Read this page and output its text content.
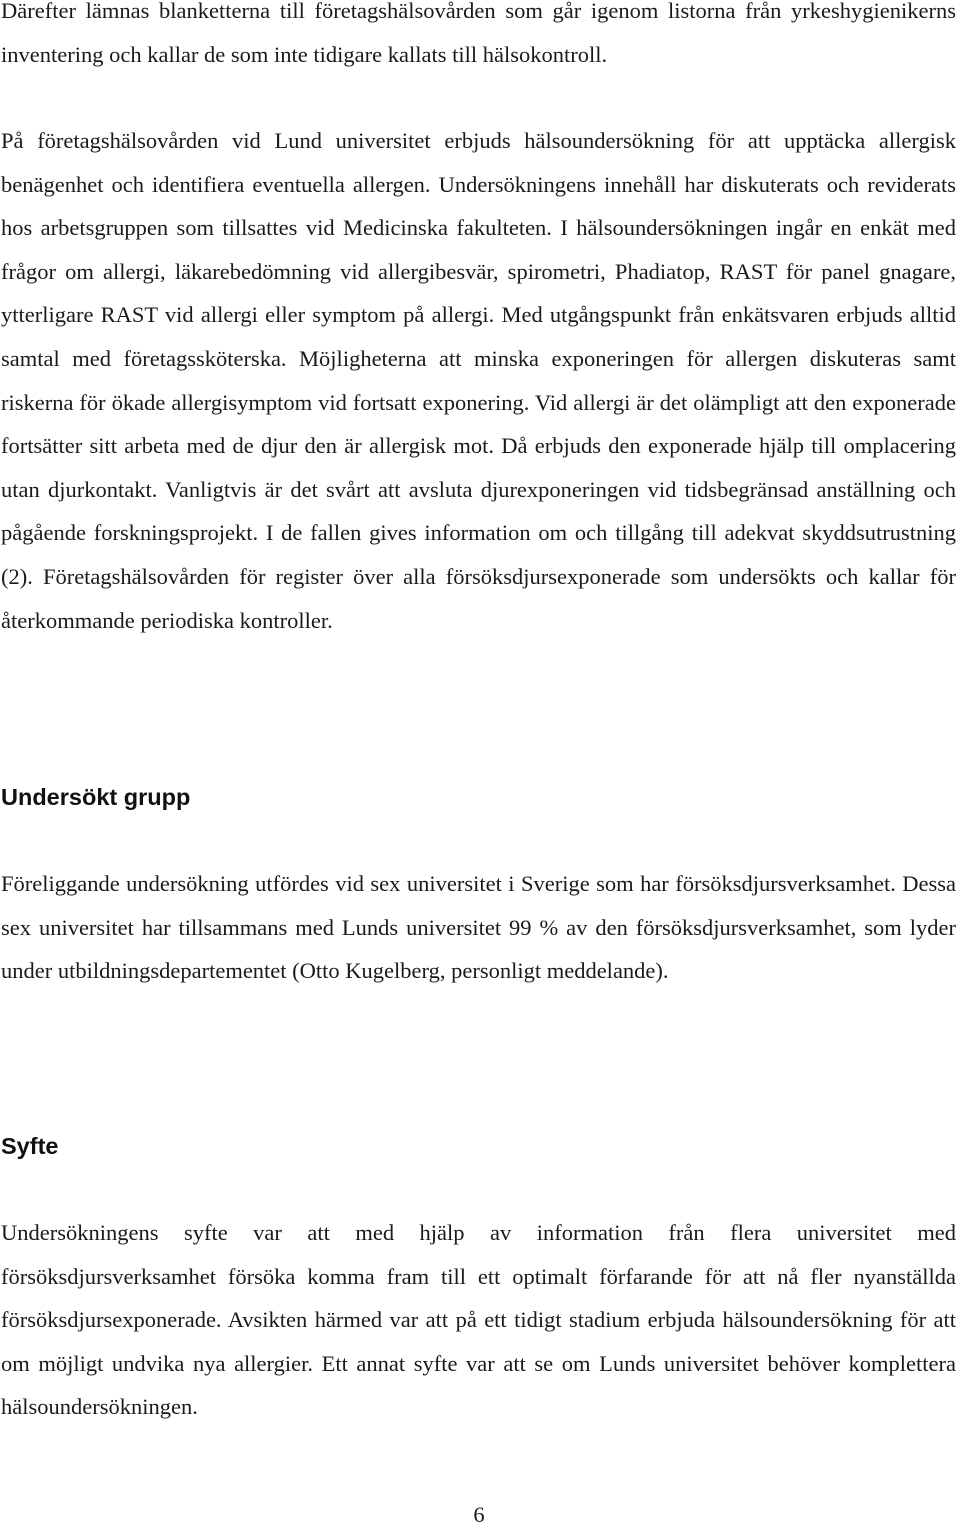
Därefter lämnas blanketterna till företagshälsovården som går igenom listorna från yrkeshygienikerns inventering och kallar de som inte tidigare kallats till hälsokontroll.

På företagshälsovården vid Lund universitet erbjuds hälsoundersökning för att upptäcka allergisk benägenhet och identifiera eventuella allergen. Undersökningens innehåll har diskuterats och reviderats hos arbetsgruppen som tillsattes vid Medicinska fakulteten. I hälsoundersökningen ingår en enkät med frågor om allergi, läkarebedömning vid allergibesvär, spirometri, Phadiatop, RAST för panel gnagare, ytterligare RAST vid allergi eller symptom på allergi. Med utgångspunkt från enkätsvaren erbjuds alltid samtal med företagssköterska. Möjligheterna att minska exponeringen för allergen diskuteras samt riskerna för ökade allergisymptom vid fortsatt exponering. Vid allergi är det olämpligt att den exponerade fortsätter sitt arbeta med de djur den är allergisk mot. Då erbjuds den exponerade hjälp till omplacering utan djurkontakt. Vanligtvis är det svårt att avsluta djurexponeringen vid tidsbegränsad anställning och pågående forskningsprojekt. I de fallen gives information om och tillgång till adekvat skyddsutrustning (2). Företagshälsovården för register över alla försöksdjursexponerade som undersökts och kallar för återkommande periodiska kontroller.

Undersökt grupp

Föreliggande undersökning utfördes vid sex universitet i Sverige som har försöksdjursverksamhet. Dessa sex universitet har tillsammans med Lunds universitet 99 % av den försöksdjursverksamhet, som lyder under utbildningsdepartementet (Otto Kugelberg, personligt meddelande).

Syfte

Undersökningens syfte var att med hjälp av information från flera universitet med försöksdjursverksamhet försöka komma fram till ett optimalt förfarande för att nå fler nyanställda försöksdjursexponerade. Avsikten härmed var att på ett tidigt stadium erbjuda hälsoundersökning för att om möjligt undvika nya allergier. Ett annat syfte var att se om Lunds universitet behöver komplettera hälsoundersökningen.

6
